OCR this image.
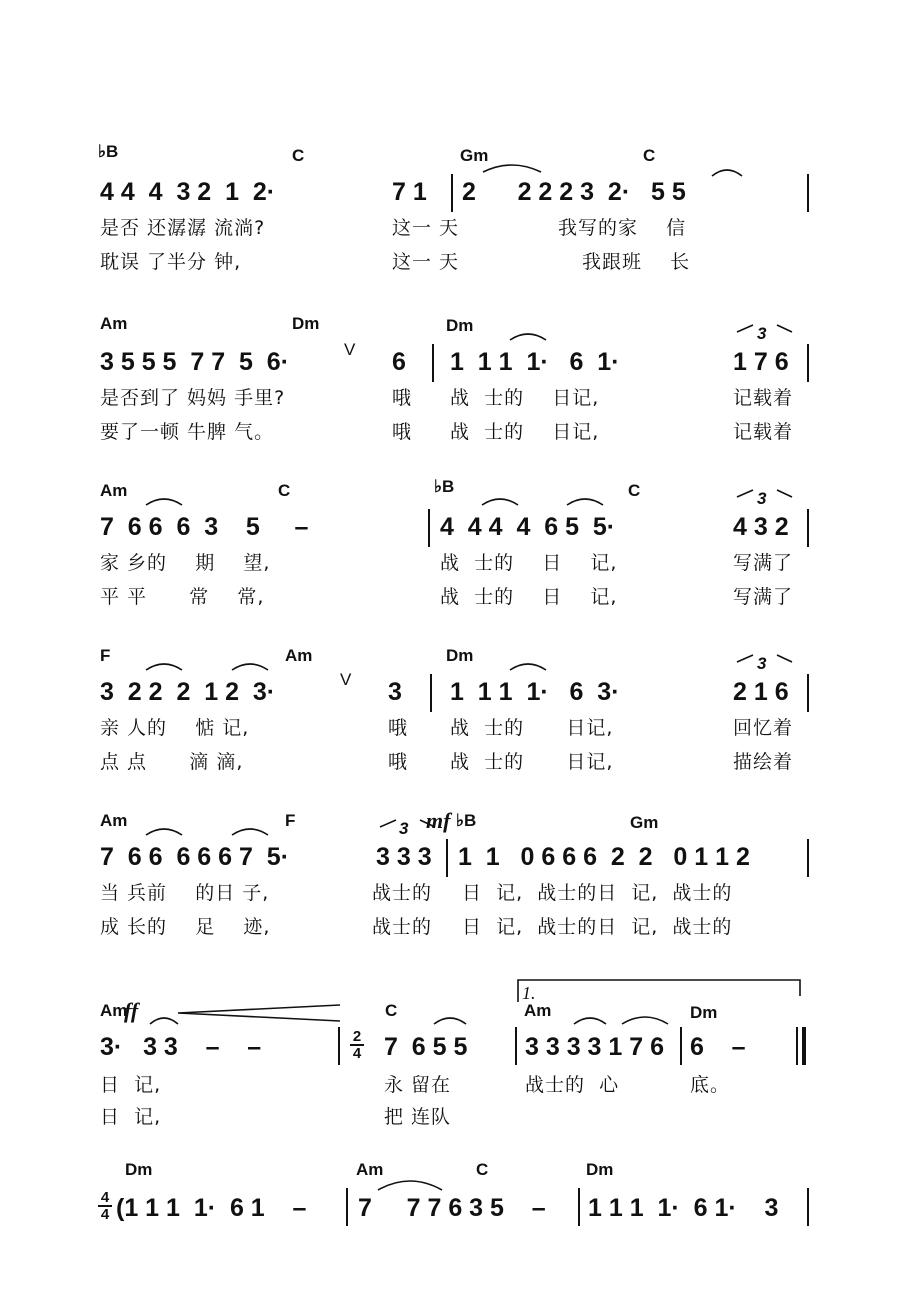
♭B	C	Gm	C
4 4  4  3 2  1  2·	7 1 2      2 2 2 3  2·   5 5
是否 还潺潺 流淌?	这一 天	我写的家    信
耽误 了半分 钟,	这一 天	我跟班    长
Am	Dm	Dm
3 5 5 5  7 7  5  6·	V 6 1  1 1  1·   6  1·
3
1 7 6
是否到了 妈妈 手里?	哦 战  士的    日记,	记载着
要了一顿 牛脾 气。	哦 战  士的    日记,	记载着
Am	C	♭B	C
7  6 6  6  3    5     –	4  4 4  4  6 5  5·
3
4 3 2
家 乡的    期    望,	战  士的    日    记,	写满了
平 平      常    常,	战  士的    日    记,	写满了
F	Am	Dm
3  2 2  2  1 2  3·	V 3 1  1 1  1·   6  3·
3
2 1 6
亲 人的    惦 记,	哦 战  士的      日记,	回忆着
点 点      滴 滴,	哦 战  士的      日记,	描绘着
Am	F	mf ♭B	Gm
7  6 6  6 6 6 7  5·
3
3 3 3 1  1   0 6 6 6  2  2   0 1 1 2
当 兵前    的日 子,	战士的 日  记,  战士的日  记,  战士的
成 长的    足    迹,	战士的 日  记,  战士的日  记,  战士的
Am
ff	C
1.
Am	Dm
3·   3 3    –    –	2
4 7  6 5 5 3 3 3 3 1 7 6 6    –
日  记,	永 留在	战士的  心	底。
日  记,	把 连队
Dm	Am	C	Dm
4
4 (1 1 1  1·  6 1    – 7     7 7 6 3 5    – 1 1 1  1·  6 1·    3
